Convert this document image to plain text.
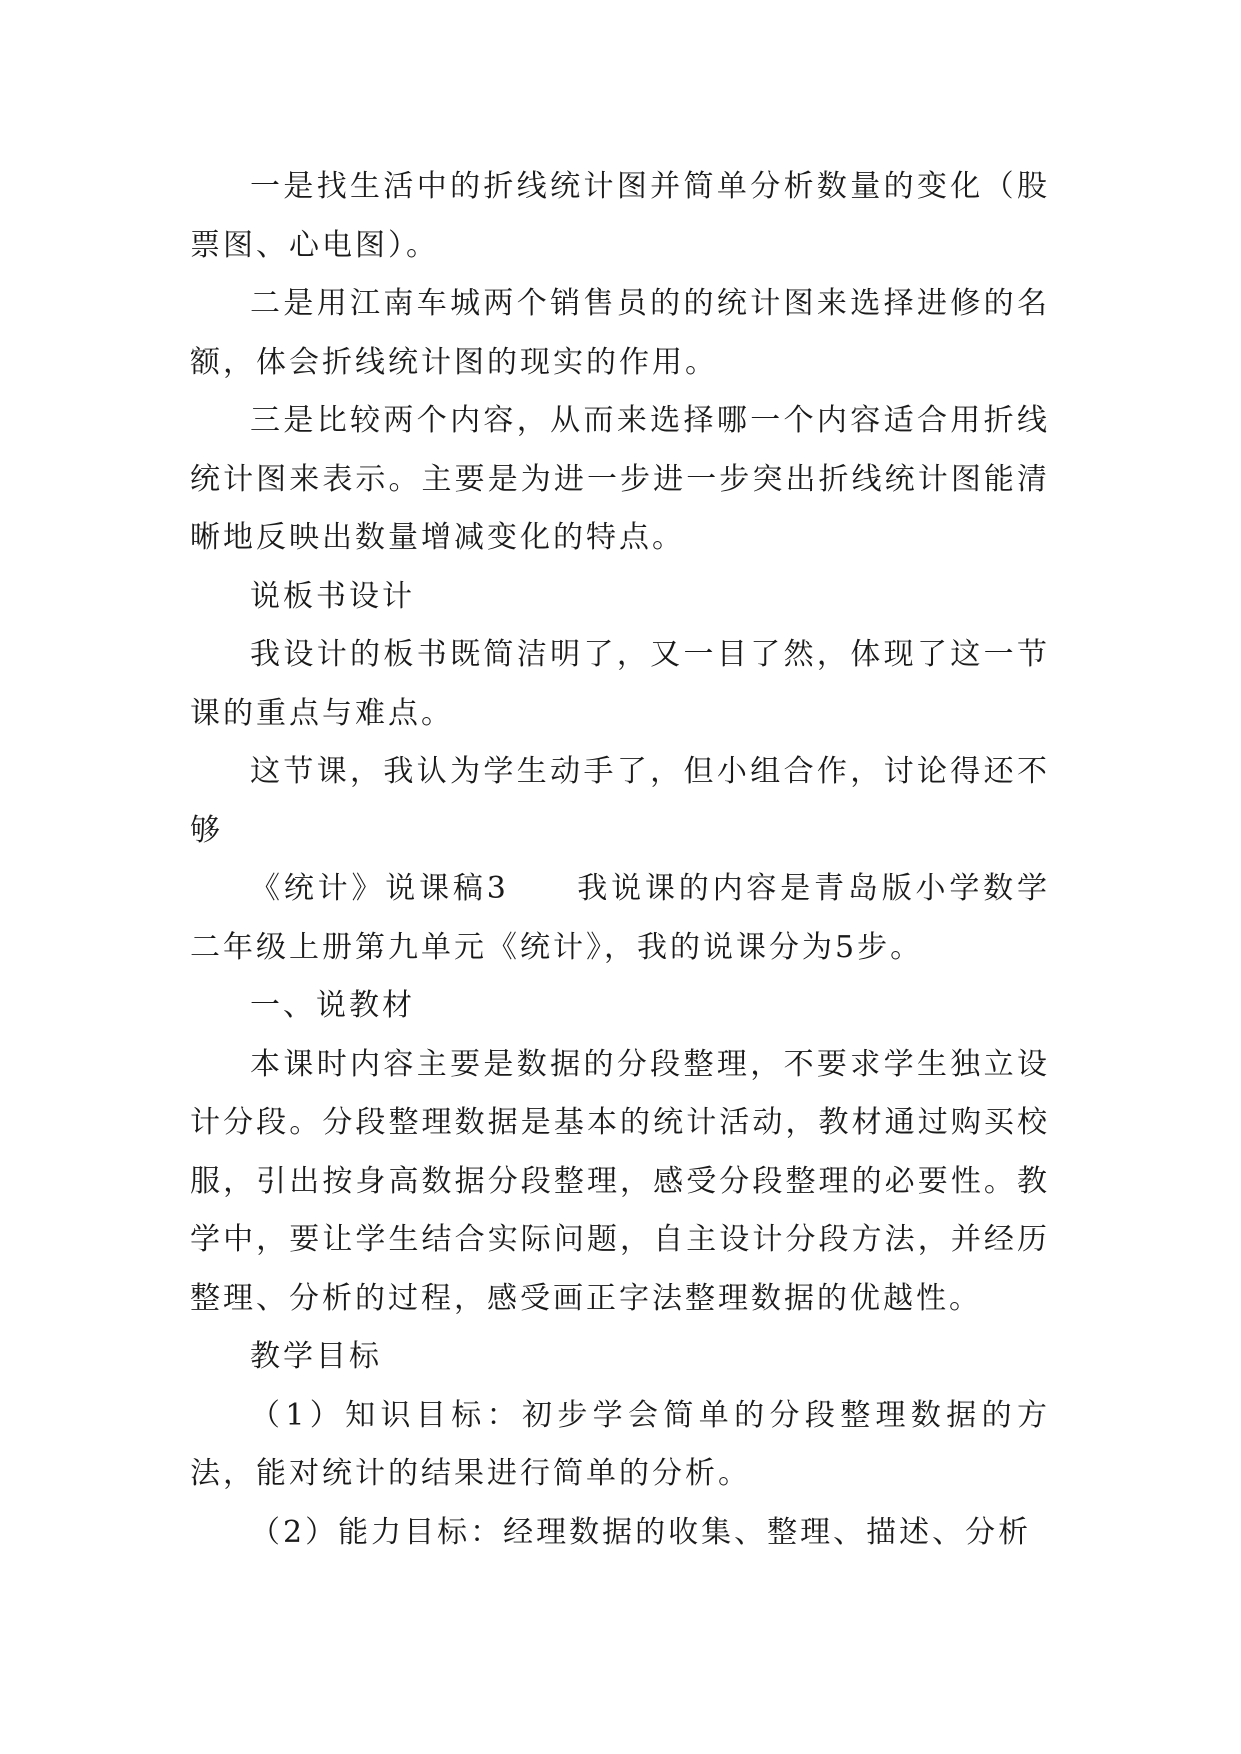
一是找生活中的折线统计图并简单分析数量的变化（股票图、心电图）。

二是用江南车城两个销售员的的统计图来选择进修的名额，体会折线统计图的现实的作用。

三是比较两个内容，从而来选择哪一个内容适合用折线统计图来表示。主要是为进一步进一步突出折线统计图能清晰地反映出数量增减变化的特点。

说板书设计

我设计的板书既简洁明了，又一目了然，体现了这一节课的重点与难点。

这节课，我认为学生动手了，但小组合作，讨论得还不够

《统计》说课稿3　　我说课的内容是青岛版小学数学二年级上册第九单元《统计》，我的说课分为5步。

一、说教材

本课时内容主要是数据的分段整理，不要求学生独立设计分段。分段整理数据是基本的统计活动，教材通过购买校服，引出按身高数据分段整理，感受分段整理的必要性。教学中，要让学生结合实际问题，自主设计分段方法，并经历整理、分析的过程，感受画正字法整理数据的优越性。

教学目标

（1）知识目标：初步学会简单的分段整理数据的方法，能对统计的结果进行简单的分析。

（2）能力目标：经理数据的收集、整理、描述、分析
